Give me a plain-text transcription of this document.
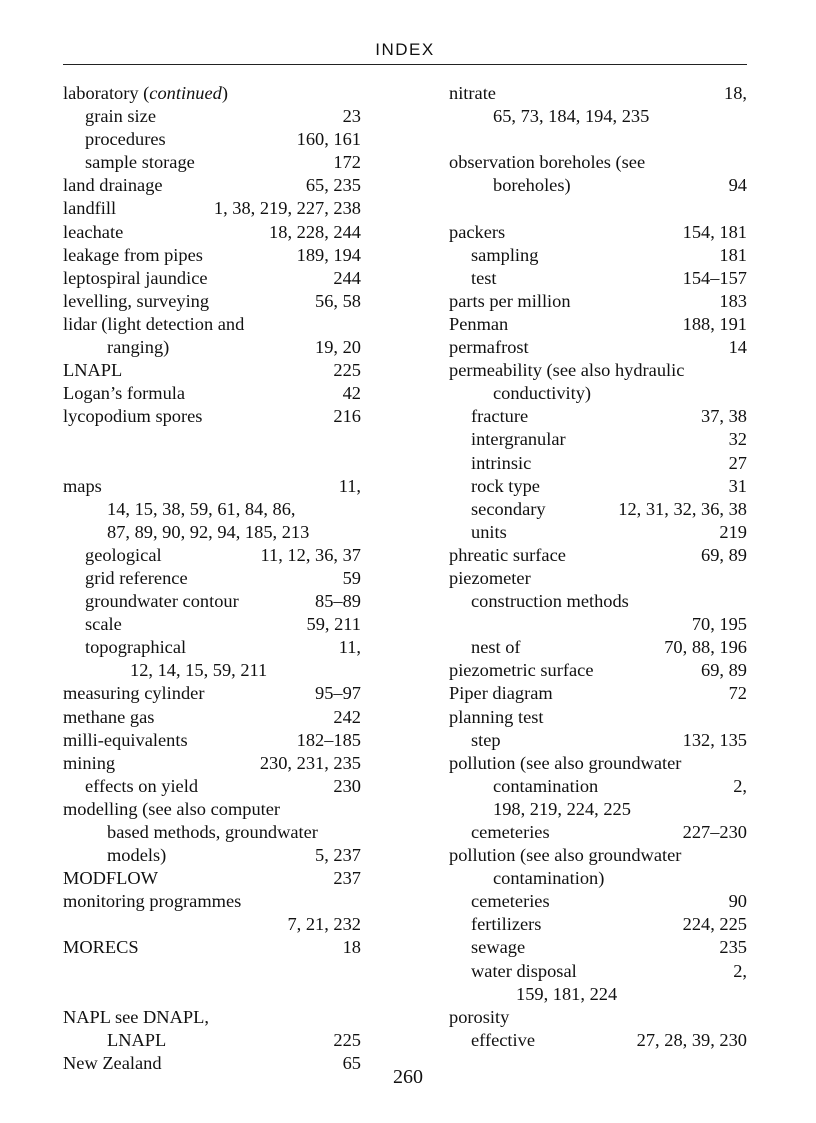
INDEX
laboratory (continued)
grain size	23
procedures	160, 161
sample storage	172
land drainage	65, 235
landfill	1, 38, 219, 227, 238
leachate	18, 228, 244
leakage from pipes	189, 194
leptospiral jaundice	244
levelling, surveying	56, 58
lidar (light detection and
ranging)	19, 20
LNAPL	225
Logan’s formula	42
lycopodium spores	216
maps	11,
14, 15, 38, 59, 61, 84, 86,
87, 89, 90, 92, 94, 185, 213
geological	11, 12, 36, 37
grid reference	59
groundwater contour	85–89
scale	59, 211
topographical	11,
12, 14, 15, 59, 211
measuring cylinder	95–97
methane gas	242
milli-equivalents	182–185
mining	230, 231, 235
effects on yield	230
modelling (see also computer
based methods, groundwater
models)	5, 237
MODFLOW	237
monitoring programmes
7, 21, 232
MORECS	18
NAPL see DNAPL,
LNAPL	225
New Zealand	65
nitrate	18,
65, 73, 184, 194, 235
observation boreholes (see
boreholes)	94
packers	154, 181
sampling	181
test	154–157
parts per million	183
Penman	188, 191
permafrost	14
permeability (see also hydraulic
conductivity)
fracture	37, 38
intergranular	32
intrinsic	27
rock type	31
secondary	12, 31, 32, 36, 38
units	219
phreatic surface	69, 89
piezometer
construction methods
70, 195
nest of	70, 88, 196
piezometric surface	69, 89
Piper diagram	72
planning test
step	132, 135
pollution (see also groundwater
contamination	2,
198, 219, 224, 225
cemeteries	227–230
pollution (see also groundwater
contamination)
cemeteries	90
fertilizers	224, 225
sewage	235
water disposal	2,
159, 181, 224
porosity
effective	27, 28, 39, 230
260
